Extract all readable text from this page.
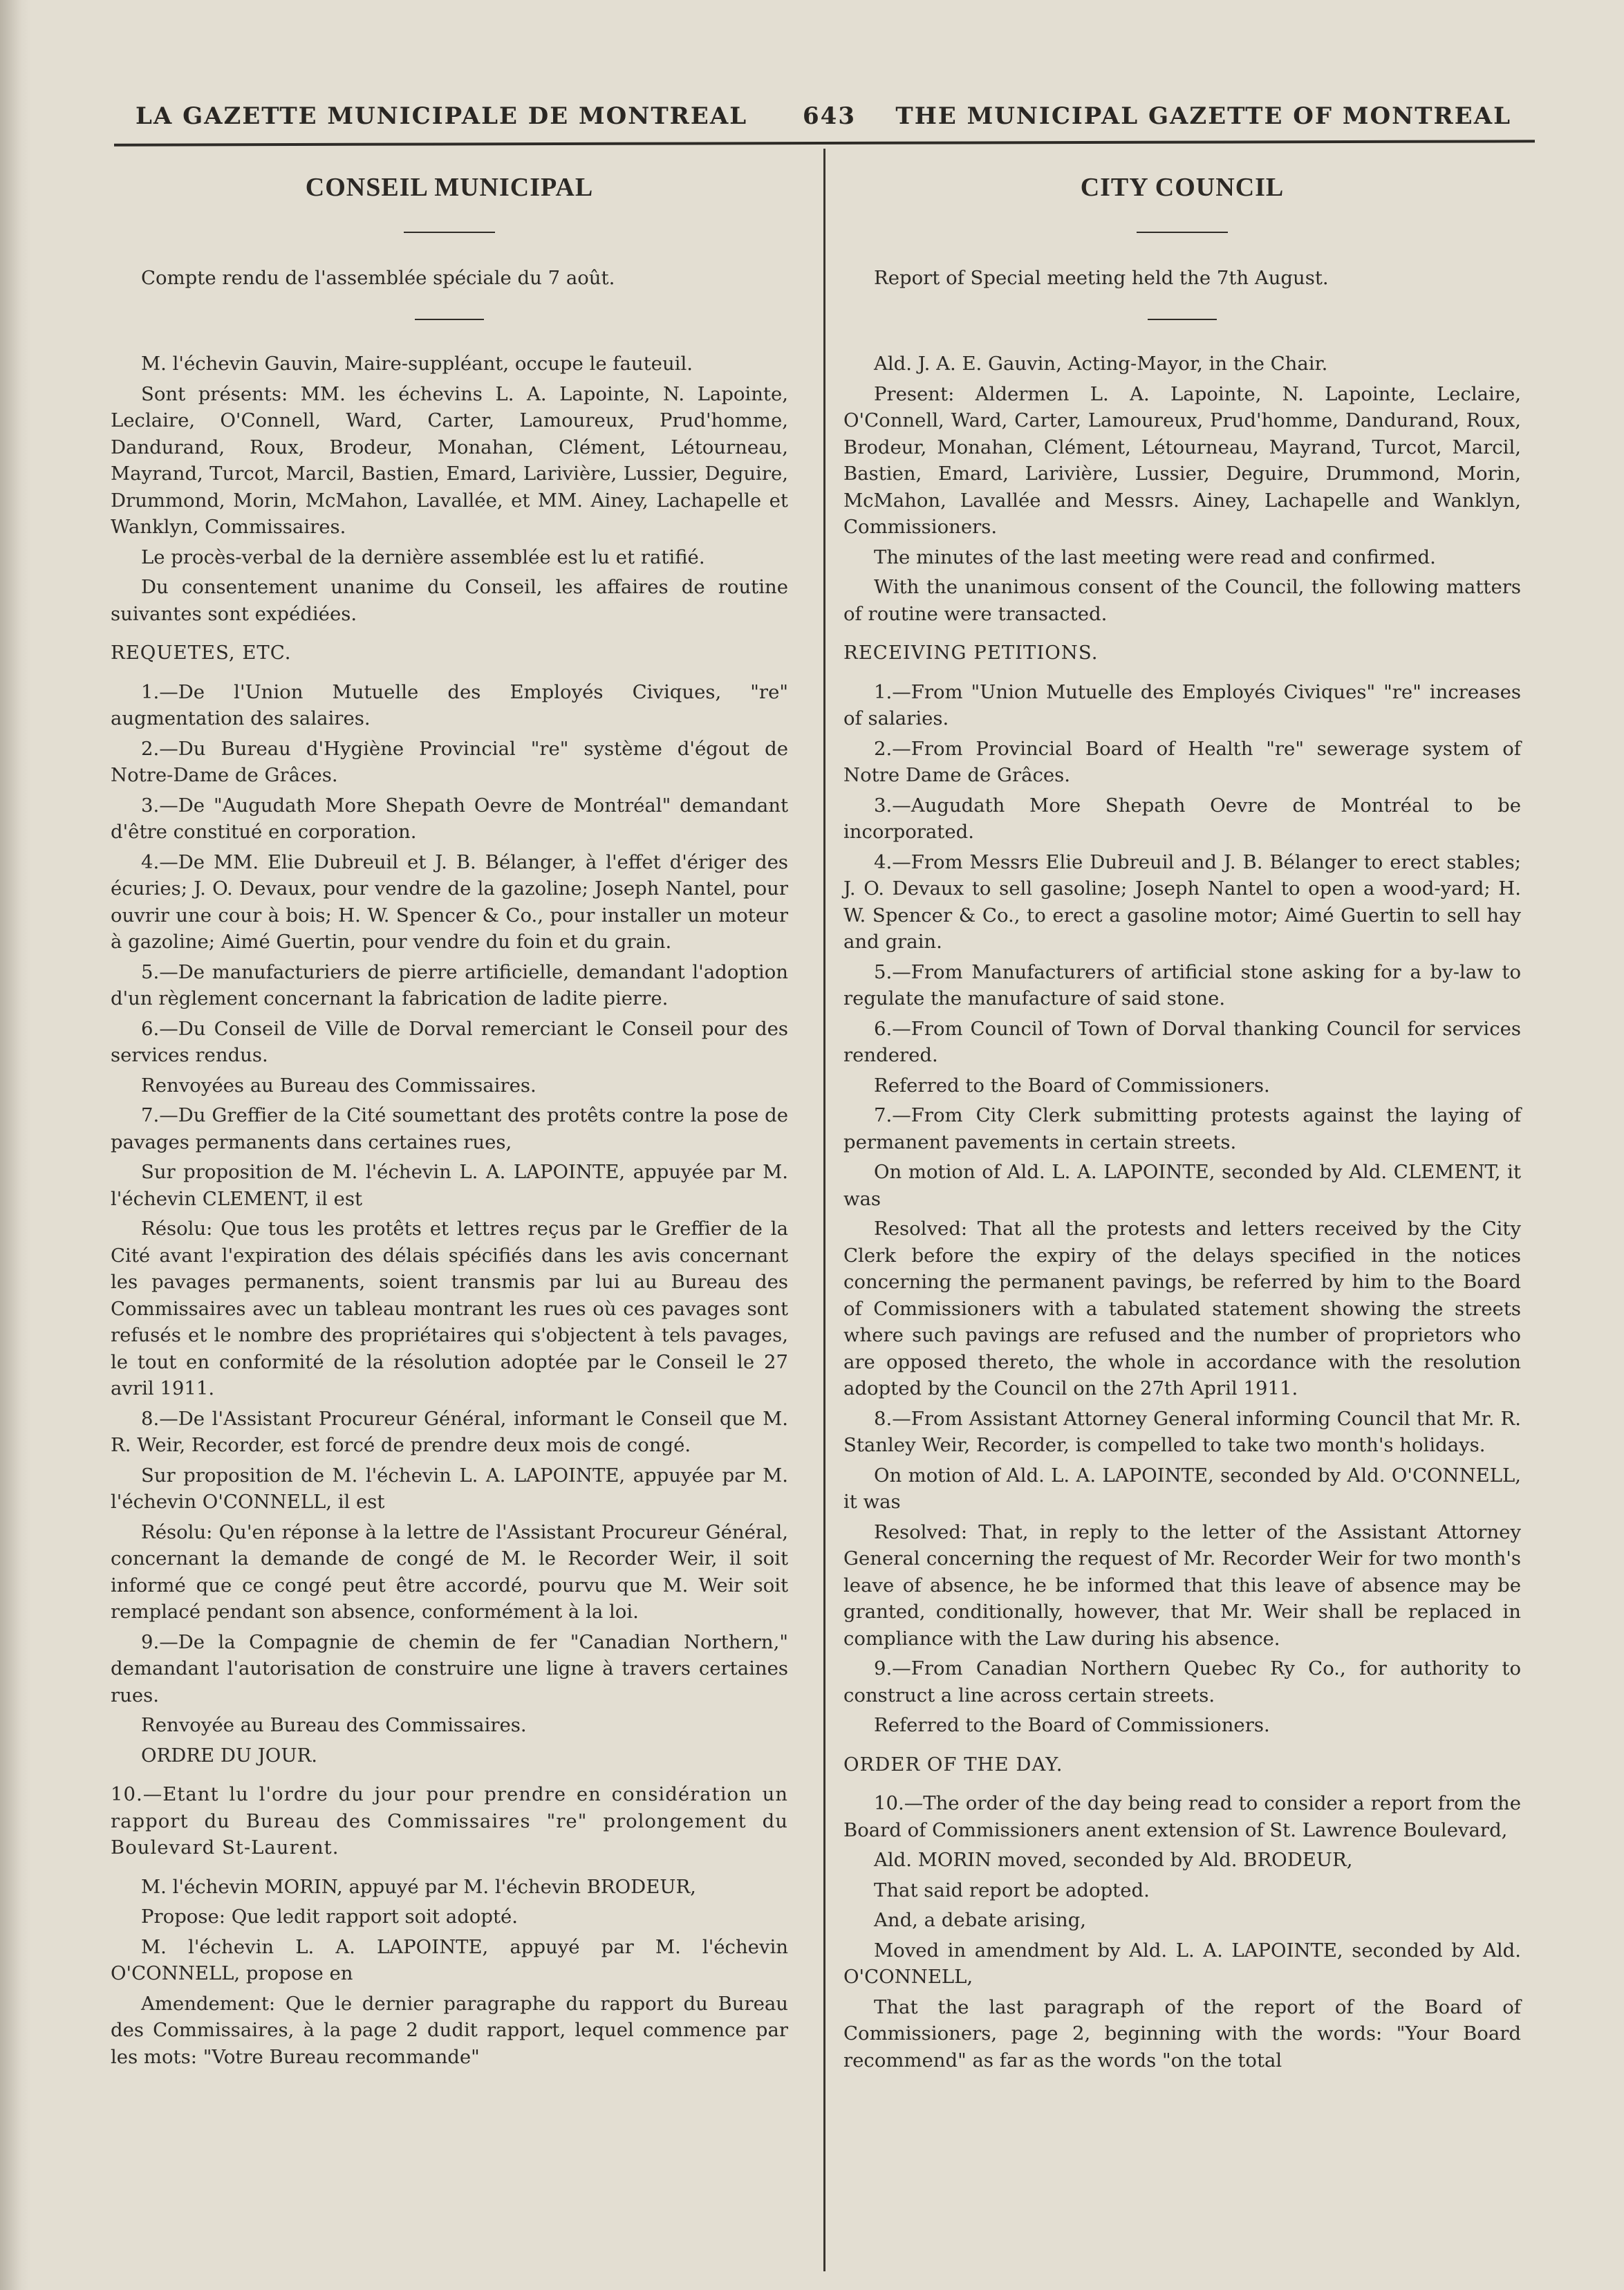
LA GAZETTE MUNICIPALE DE MONTREAL 643 THE MUNICIPAL GAZETTE OF MONTREAL
CONSEIL MUNICIPAL

Compte rendu de l'assemblée spéciale du 7 août.

M. l'échevin Gauvin, Maire-suppléant, occupe le fauteuil.

Sont présents: MM. les échevins L. A. Lapointe, N. Lapointe, Leclaire, O'Connell, Ward, Carter, Lamoureux, Prud'homme, Dandurand, Roux, Brodeur, Monahan, Clément, Létourneau, Mayrand, Turcot, Marcil, Bastien, Emard, Larivière, Lussier, Deguire, Drummond, Morin, McMahon, Lavallée, et MM. Ainey, Lachapelle et Wanklyn, Commissaires.

Le procès-verbal de la dernière assemblée est lu et ratifié.

Du consentement unanime du Conseil, les affaires de routine suivantes sont expédiées.

REQUETES, ETC.

1.—De l'Union Mutuelle des Employés Civiques, "re" augmentation des salaires.

2.—Du Bureau d'Hygiène Provincial "re" système d'égout de Notre-Dame de Grâces.

3.—De "Augudath More Shepath Oevre de Montréal" demandant d'être constitué en corporation.

4.—De MM. Elie Dubreuil et J. B. Bélanger, à l'effet d'ériger des écuries; J. O. Devaux, pour vendre de la gazoline; Joseph Nantel, pour ouvrir une cour à bois; H. W. Spencer & Co., pour installer un moteur à gazoline; Aimé Guertin, pour vendre du foin et du grain.

5.—De manufacturiers de pierre artificielle, demandant l'adoption d'un règlement concernant la fabrication de ladite pierre.

6.—Du Conseil de Ville de Dorval remerciant le Conseil pour des services rendus.

Renvoyées au Bureau des Commissaires.

7.—Du Greffier de la Cité soumettant des protêts contre la pose de pavages permanents dans certaines rues,

Sur proposition de M. l'échevin L. A. LAPOINTE, appuyée par M. l'échevin CLEMENT, il est

Résolu: Que tous les protêts et lettres reçus par le Greffier de la Cité avant l'expiration des délais spécifiés dans les avis concernant les pavages permanents, soient transmis par lui au Bureau des Commissaires avec un tableau montrant les rues où ces pavages sont refusés et le nombre des propriétaires qui s'objectent à tels pavages, le tout en conformité de la résolution adoptée par le Conseil le 27 avril 1911.

8.—De l'Assistant Procureur Général, informant le Conseil que M. R. Weir, Recorder, est forcé de prendre deux mois de congé.

Sur proposition de M. l'échevin L. A. LAPOINTE, appuyée par M. l'échevin O'CONNELL, il est

Résolu: Qu'en réponse à la lettre de l'Assistant Procureur Général, concernant la demande de congé de M. le Recorder Weir, il soit informé que ce congé peut être accordé, pourvu que M. Weir soit remplacé pendant son absence, conformément à la loi.

9.—De la Compagnie de chemin de fer "Canadian Northern," demandant l'autorisation de construire une ligne à travers certaines rues.

Renvoyée au Bureau des Commissaires.

ORDRE DU JOUR.

10.—Etant lu l'ordre du jour pour prendre en considération un rapport du Bureau des Commissaires "re" prolongement du Boulevard St-Laurent.

M. l'échevin MORIN, appuyé par M. l'échevin BRODEUR,

Propose: Que ledit rapport soit adopté.

M. l'échevin L. A. LAPOINTE, appuyé par M. l'échevin O'CONNELL, propose en

Amendement: Que le dernier paragraphe du rapport du Bureau des Commissaires, à la page 2 dudit rapport, lequel commence par les mots: "Votre Bureau recommande"

CITY COUNCIL

Report of Special meeting held the 7th August.

Ald. J. A. E. Gauvin, Acting-Mayor, in the Chair.

Present: Aldermen L. A. Lapointe, N. Lapointe, Leclaire, O'Connell, Ward, Carter, Lamoureux, Prud'homme, Dandurand, Roux, Brodeur, Monahan, Clément, Létourneau, Mayrand, Turcot, Marcil, Bastien, Emard, Larivière, Lussier, Deguire, Drummond, Morin, McMahon, Lavallée and Messrs. Ainey, Lachapelle and Wanklyn, Commissioners.

The minutes of the last meeting were read and confirmed.

With the unanimous consent of the Council, the following matters of routine were transacted.

RECEIVING PETITIONS.

1.—From "Union Mutuelle des Employés Civiques" "re" increases of salaries.

2.—From Provincial Board of Health "re" sewerage system of Notre Dame de Grâces.

3.—Augudath More Shepath Oevre de Montréal to be incorporated.

4.—From Messrs Elie Dubreuil and J. B. Bélanger to erect stables; J. O. Devaux to sell gasoline; Joseph Nantel to open a wood-yard; H. W. Spencer & Co., to erect a gasoline motor; Aimé Guertin to sell hay and grain.

5.—From Manufacturers of artificial stone asking for a by-law to regulate the manufacture of said stone.

6.—From Council of Town of Dorval thanking Council for services rendered.

Referred to the Board of Commissioners.

7.—From City Clerk submitting protests against the laying of permanent pavements in certain streets.

On motion of Ald. L. A. LAPOINTE, seconded by Ald. CLEMENT, it was

Resolved: That all the protests and letters received by the City Clerk before the expiry of the delays specified in the notices concerning the permanent pavings, be referred by him to the Board of Commissioners with a tabulated statement showing the streets where such pavings are refused and the number of proprietors who are opposed thereto, the whole in accordance with the resolution adopted by the Council on the 27th April 1911.

8.—From Assistant Attorney General informing Council that Mr. R. Stanley Weir, Recorder, is compelled to take two month's holidays.

On motion of Ald. L. A. LAPOINTE, seconded by Ald. O'CONNELL, it was

Resolved: That, in reply to the letter of the Assistant Attorney General concerning the request of Mr. Recorder Weir for two month's leave of absence, he be informed that this leave of absence may be granted, conditionally, however, that Mr. Weir shall be replaced in compliance with the Law during his absence.

9.—From Canadian Northern Quebec Ry Co., for authority to construct a line across certain streets.

Referred to the Board of Commissioners.

ORDER OF THE DAY.

10.—The order of the day being read to consider a report from the Board of Commissioners anent extension of St. Lawrence Boulevard,

Ald. MORIN moved, seconded by Ald. BRODEUR,

That said report be adopted.

And, a debate arising,

Moved in amendment by Ald. L. A. LAPOINTE, seconded by Ald. O'CONNELL,

That the last paragraph of the report of the Board of Commissioners, page 2, beginning with the words: "Your Board recommend" as far as the words "on the total
